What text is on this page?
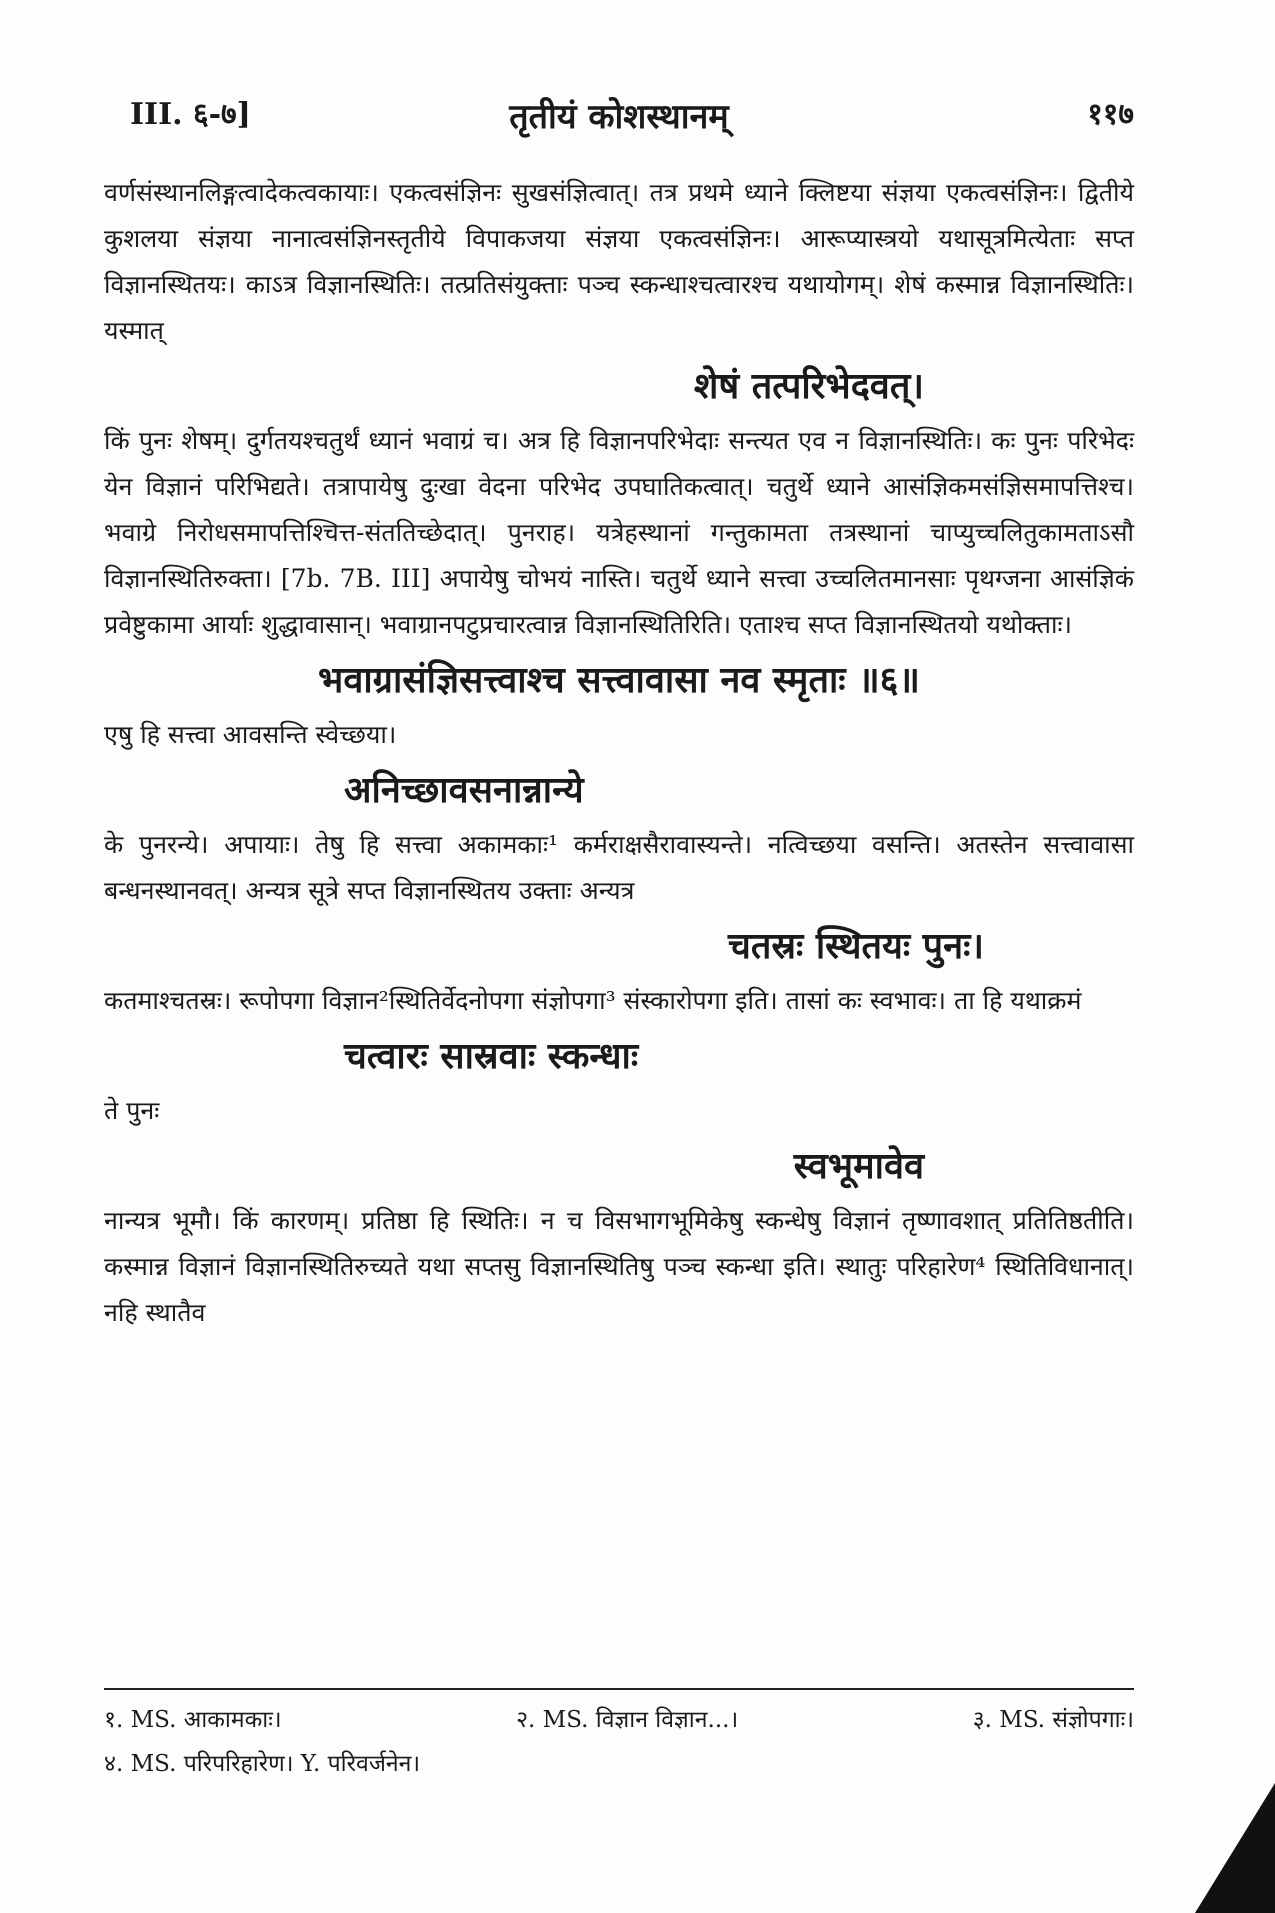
III. ६-७]	तृतीयं कोशस्थानम्	११७

वर्णसंस्थानलिङ्गत्वादेकत्वकायाः। एकत्वसंज्ञिनः सुखसंज्ञित्वात्। तत्र प्रथमे ध्याने क्लिष्टया संज्ञया एकत्वसंज्ञिनः। द्वितीये कुशलया संज्ञया नानात्वसंज्ञिनस्तृतीये विपाकजया संज्ञया एकत्वसंज्ञिनः। आरूप्यास्त्रयो यथासूत्रमित्येताः सप्त विज्ञानस्थितयः। काऽत्र विज्ञानस्थितिः। तत्प्रतिसंयुक्ताः पञ्च स्कन्धाश्चत्वारश्च यथायोगम्। शेषं कस्मान्न विज्ञानस्थितिः। यस्मात्

शेषं तत्परिभेदवत्।

किं पुनः शेषम्। दुर्गतयश्चतुर्थं ध्यानं भवाग्रं च। अत्र हि विज्ञानपरिभेदाः सन्त्यत एव न विज्ञानस्थितिः। कः पुनः परिभेदः येन विज्ञानं परिभिद्यते। तत्रापायेषु दुःखा वेदना परिभेद उपघातिकत्वात्। चतुर्थे ध्याने आसंज्ञिकमसंज्ञिसमापत्तिश्च। भवाग्रे निरोधसमापत्तिश्चित्त-संततिच्छेदात्। पुनराह। यत्रेहस्थानां गन्तुकामता तत्रस्थानां चाप्युच्चलितुकामताऽसौ विज्ञानस्थितिरुक्ता। [7b. 7B. III] अपायेषु चोभयं नास्ति। चतुर्थे ध्याने सत्त्वा उच्चलितमानसाः पृथग्जना आसंज्ञिकं प्रवेष्टुकामा आर्याः शुद्धावासान्। भवाग्रानपटुप्रचारत्वान्न विज्ञानस्थितिरिति। एताश्च सप्त विज्ञानस्थितयो यथोक्ताः।

भवाग्रासंज्ञिसत्त्वाश्च सत्त्वावासा नव स्मृताः ॥६॥

एषु हि सत्त्वा आवसन्ति स्वेच्छया।

अनिच्छावसनान्नान्ये

के पुनरन्ये। अपायाः। तेषु हि सत्त्वा अकामकाः¹ कर्मराक्षसैरावास्यन्ते। नत्विच्छया वसन्ति। अतस्तेन सत्त्वावासा बन्धनस्थानवत्। अन्यत्र सूत्रे सप्त विज्ञानस्थितय उक्ताः अन्यत्र

चतस्रः स्थितयः पुनः।

कतमाश्चतस्रः। रूपोपगा विज्ञान²स्थितिर्वेदनोपगा संज्ञोपगा³ संस्कारोपगा इति। तासां कः स्वभावः। ता हि यथाक्रमं

चत्वारः सास्रवाः स्कन्धाः

ते पुनः

स्वभूमावेव

नान्यत्र भूमौ। किं कारणम्। प्रतिष्ठा हि स्थितिः। न च विसभागभूमिकेषु स्कन्धेषु विज्ञानं तृष्णावशात् प्रतितिष्ठतीति। कस्मान्न विज्ञानं विज्ञानस्थितिरुच्यते यथा सप्तसु विज्ञानस्थितिषु पञ्च स्कन्धा इति। स्थातुः परिहारेण⁴ स्थितिविधानात्। नहि स्थातैव

१. MS. आकामकाः।	२. MS. विज्ञान विज्ञान...।	३. MS. संज्ञोपगाः।
४. MS. परिपरिहारेण। Y. परिवर्जनेन।
